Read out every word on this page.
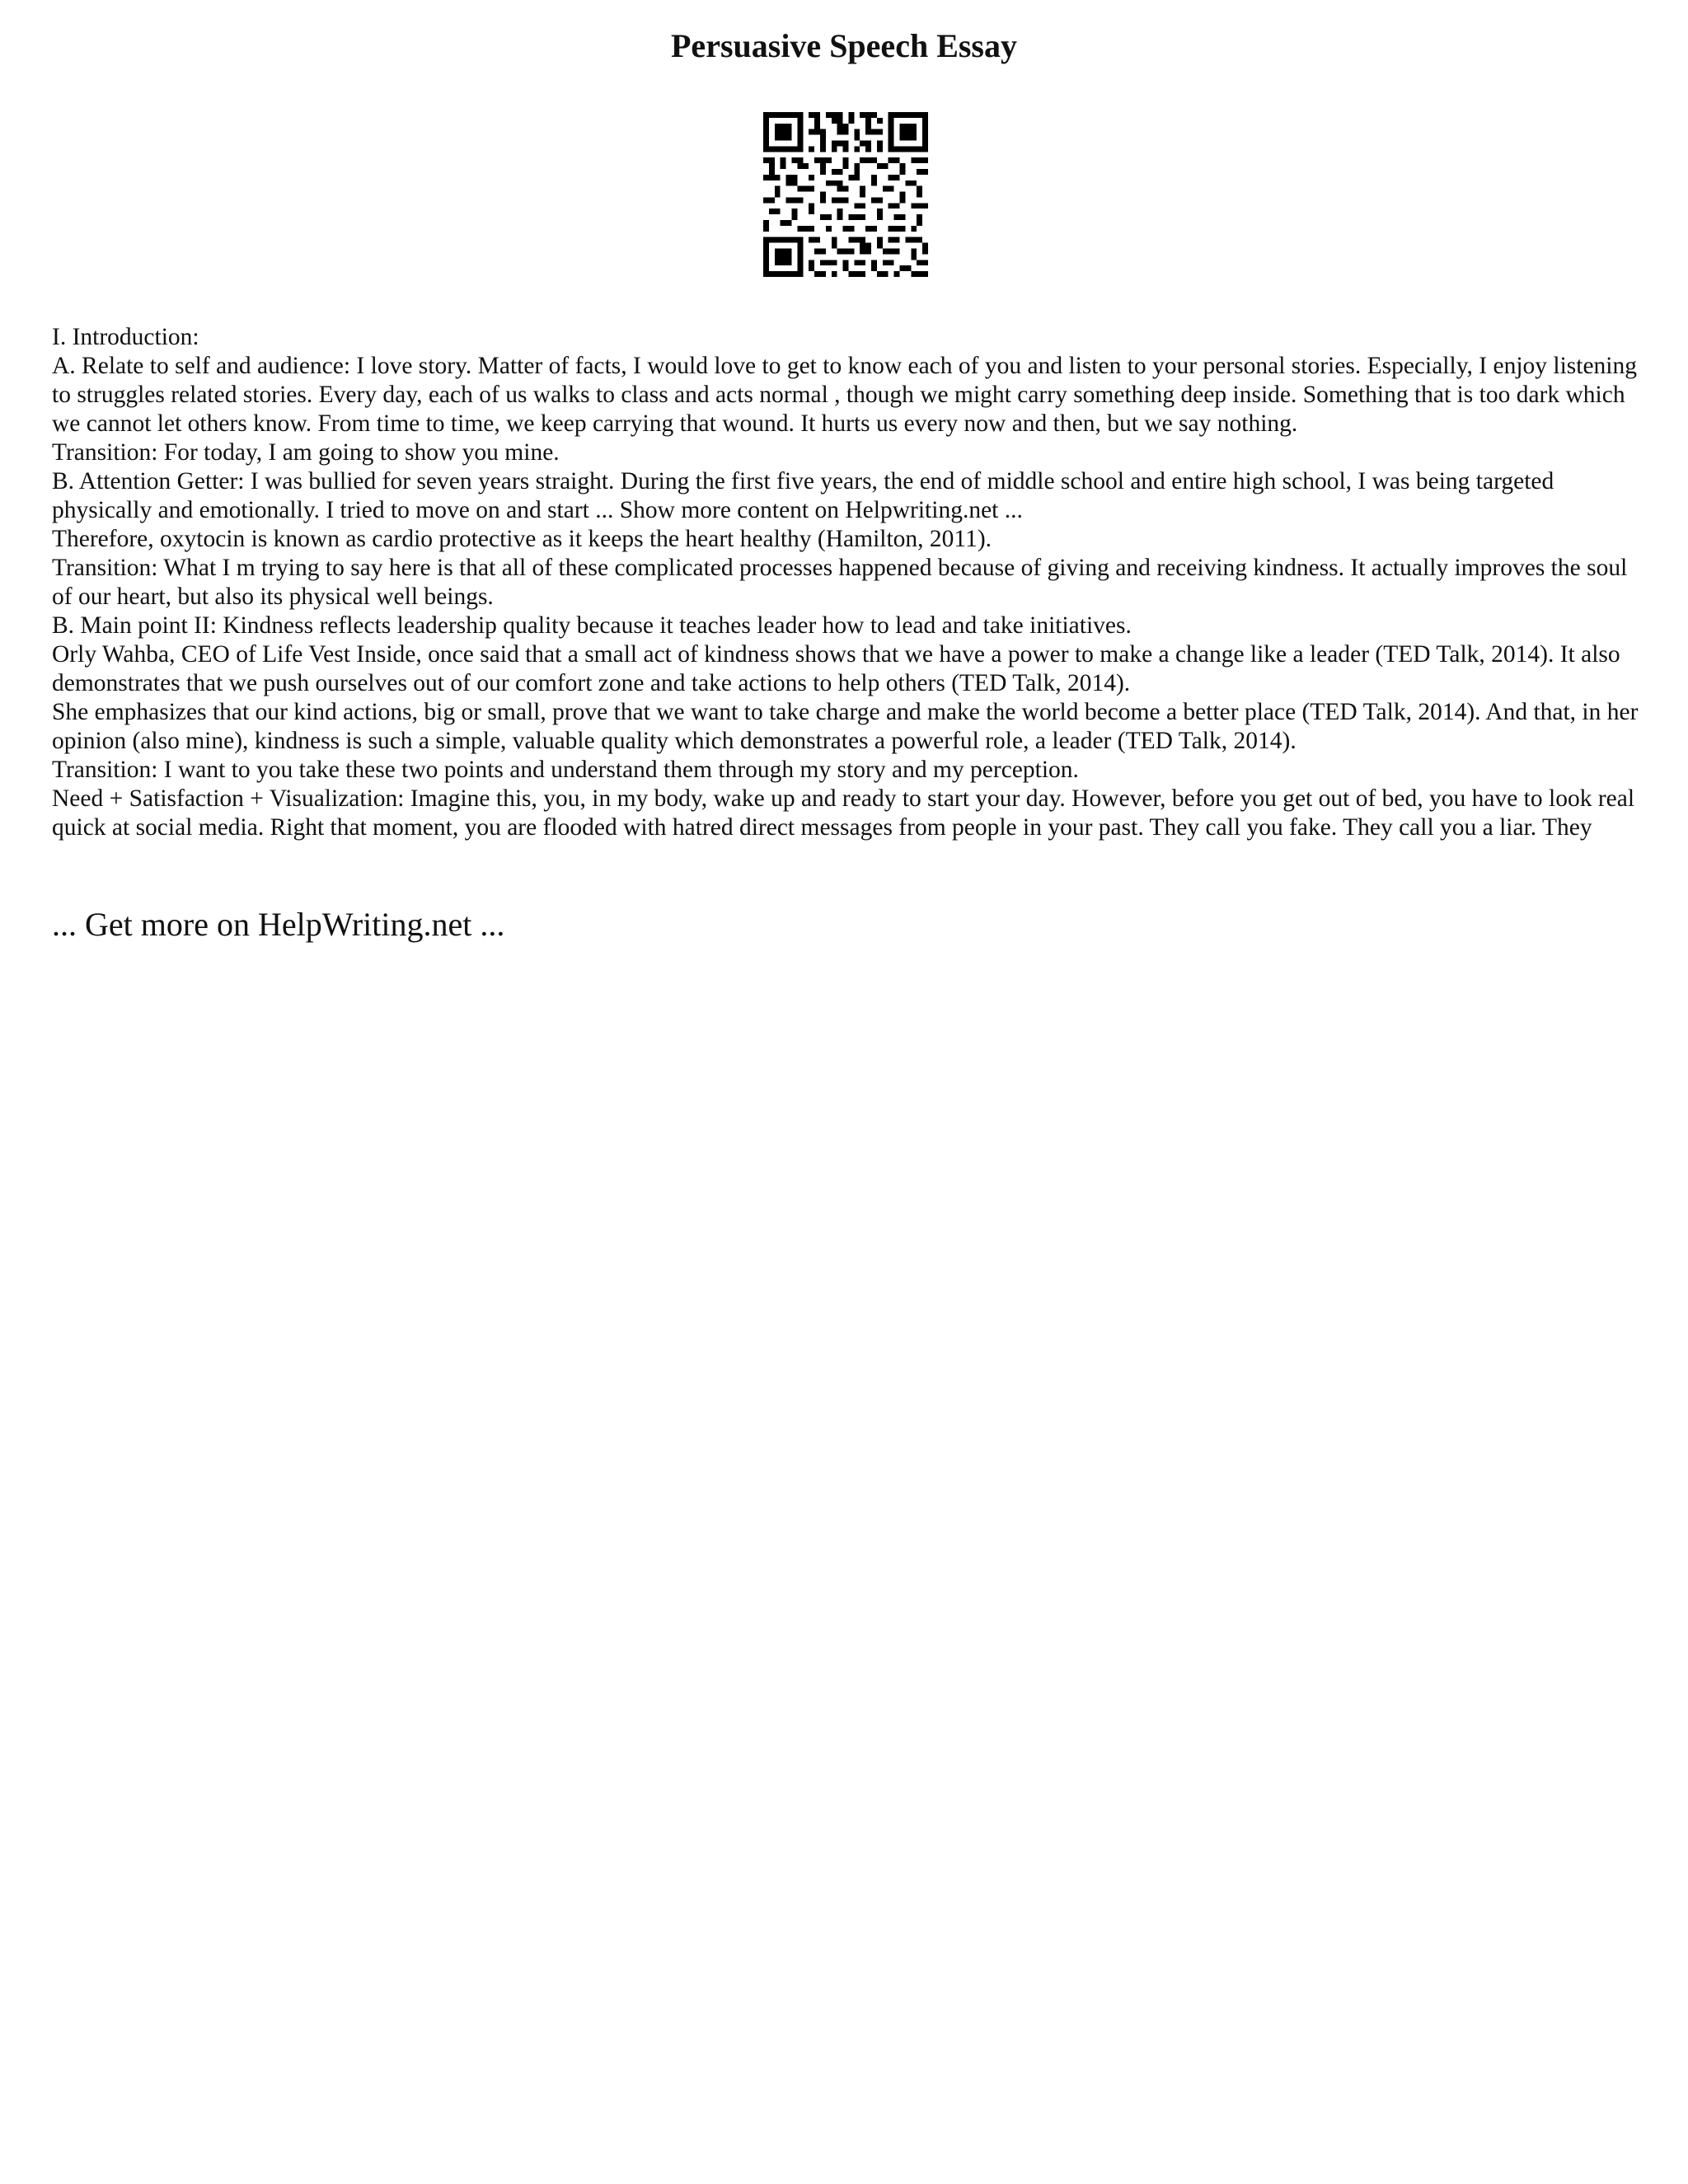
Persuasive Speech Essay

I. Introduction:

A. Relate to self and audience: I love story. Matter of facts, I would love to get to know each of you and listen to your personal stories. Especially, I enjoy listening to struggles related stories. Every day, each of us walks to class and acts normal , though we might carry something deep inside. Something that is too dark which we cannot let others know. From time to time, we keep carrying that wound. It hurts us every now and then, but we say nothing.

Transition: For today, I am going to show you mine.

B. Attention Getter: I was bullied for seven years straight. During the first five years, the end of middle school and entire high school, I was being targeted physically and emotionally. I tried to move on and start ... Show more content on Helpwriting.net ...

Therefore, oxytocin is known as cardio protective as it keeps the heart healthy (Hamilton, 2011).

Transition: What I m trying to say here is that all of these complicated processes happened because of giving and receiving kindness. It actually improves the soul of our heart, but also its physical well beings.

B. Main point II: Kindness reflects leadership quality because it teaches leader how to lead and take initiatives.

Orly Wahba, CEO of Life Vest Inside, once said that a small act of kindness shows that we have a power to make a change like a leader (TED Talk, 2014). It also demonstrates that we push ourselves out of our comfort zone and take actions to help others (TED Talk, 2014).

She emphasizes that our kind actions, big or small, prove that we want to take charge and make the world become a better place (TED Talk, 2014). And that, in her opinion (also mine), kindness is such a simple, valuable quality which demonstrates a powerful role, a leader (TED Talk, 2014).

Transition: I want to you take these two points and understand them through my story and my perception.

Need + Satisfaction + Visualization: Imagine this, you, in my body, wake up and ready to start your day. However, before you get out of bed, you have to look real quick at social media. Right that moment, you are flooded with hatred direct messages from people in your past. They call you fake. They call you a liar. They

... Get more on HelpWriting.net ...
